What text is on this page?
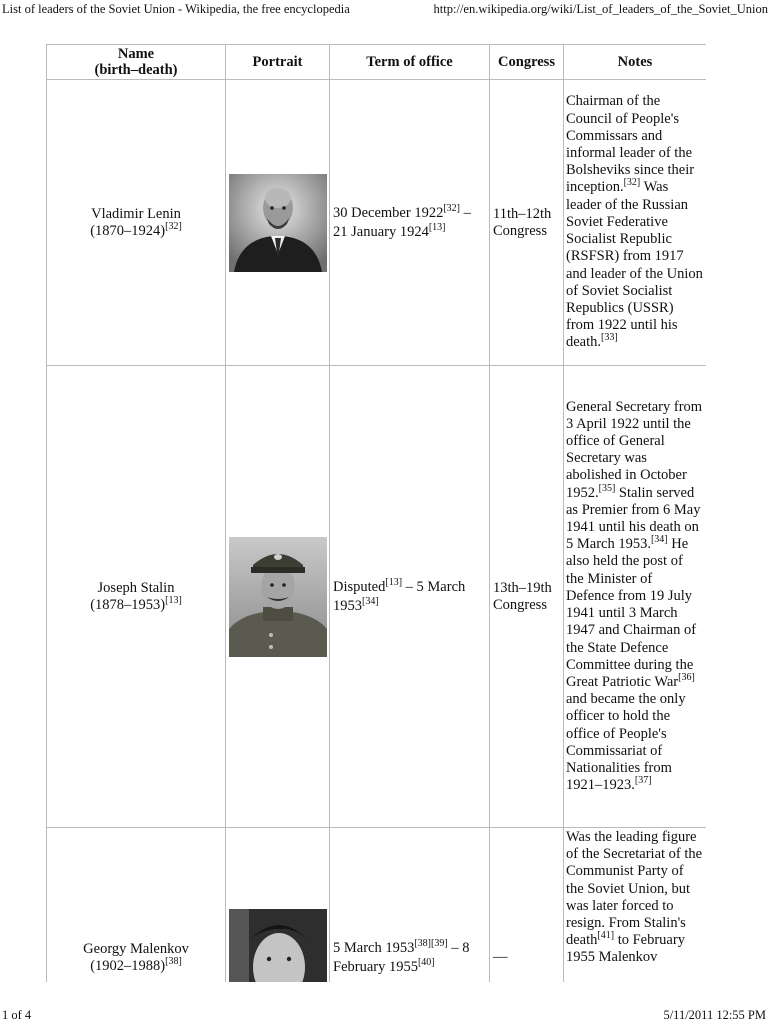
List of leaders of the Soviet Union - Wikipedia, the free encyclopedia	http://en.wikipedia.org/wiki/List_of_leaders_of_the_Soviet_Union
Name
(birth–death)	Portrait	Term of office	Congress	Notes
Vladimir Lenin
(1870–1924)[32]		30 December 1922[32] – 21 January 1924[13]	11th–12th Congress	Chairman of the Council of People's Commissars and informal leader of the Bolsheviks since their inception.[32] Was leader of the Russian Soviet Federative Socialist Republic (RSFSR) from 1917 and leader of the Union of Soviet Socialist Republics (USSR) from 1922 until his death.[33]
Joseph Stalin
(1878–1953)[13]		Disputed[13] – 5 March 1953[34]	13th–19th Congress	General Secretary from 3 April 1922 until the office of General Secretary was abolished in October 1952.[35] Stalin served as Premier from 6 May 1941 until his death on 5 March 1953.[34] He also held the post of the Minister of Defence from 19 July 1941 until 3 March 1947 and Chairman of the State Defence Committee during the Great Patriotic War[36] and became the only officer to hold the office of People's Commissariat of Nationalities from 1921–1923.[37]
Georgy Malenkov
(1902–1988)[38]		5 March 1953[38][39] – 8 February 1955[40]	—	Was the leading figure of the Secretariat of the Communist Party of the Soviet Union, but was later forced to resign. From Stalin's death[41] to February 1955 Malenkov
1 of 4	5/11/2011 12:55 PM
